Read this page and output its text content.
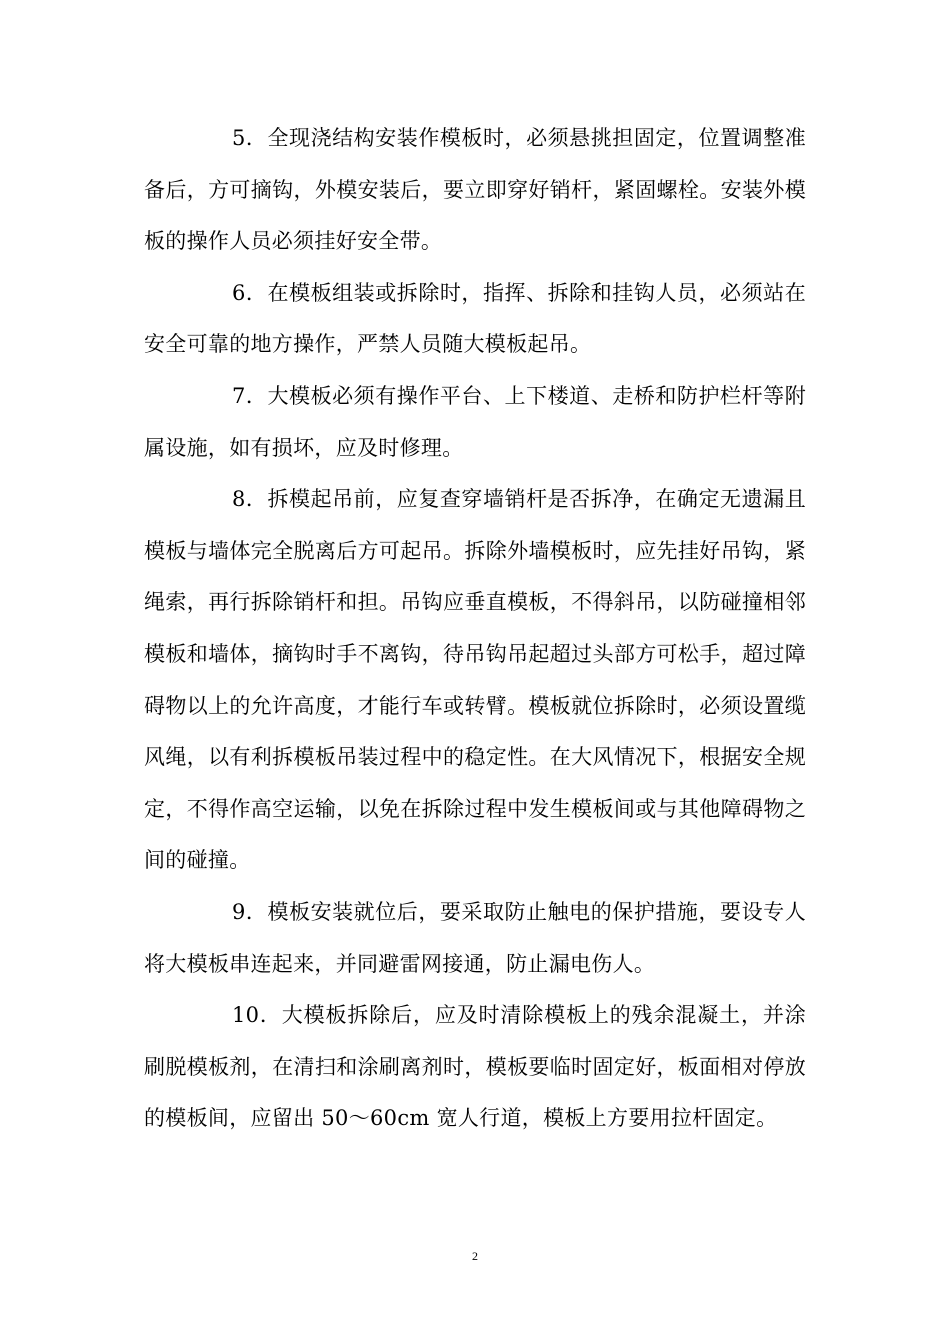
5．全现浇结构安装作模板时，必须悬挑担固定，位置调整准备后，方可摘钩，外模安装后，要立即穿好销杆，紧固螺栓。安装外模板的操作人员必须挂好安全带。

6．在模板组装或拆除时，指挥、拆除和挂钩人员，必须站在安全可靠的地方操作，严禁人员随大模板起吊。

7．大模板必须有操作平台、上下楼道、走桥和防护栏杆等附属设施，如有损坏，应及时修理。

8．拆模起吊前，应复查穿墙销杆是否拆净，在确定无遗漏且模板与墙体完全脱离后方可起吊。拆除外墙模板时，应先挂好吊钩，紧绳索，再行拆除销杆和担。吊钩应垂直模板，不得斜吊，以防碰撞相邻模板和墙体，摘钩时手不离钩，待吊钩吊起超过头部方可松手，超过障碍物以上的允许高度，才能行车或转臂。模板就位拆除时，必须设置缆风绳，以有利拆模板吊装过程中的稳定性。在大风情况下，根据安全规定，不得作高空运输，以免在拆除过程中发生模板间或与其他障碍物之间的碰撞。

9．模板安装就位后，要采取防止触电的保护措施，要设专人将大模板串连起来，并同避雷网接通，防止漏电伤人。

10．大模板拆除后，应及时清除模板上的残余混凝土，并涂刷脱模板剂，在清扫和涂刷离剂时，模板要临时固定好，板面相对停放的模板间，应留出 50～60cm 宽人行道，模板上方要用拉杆固定。

2
